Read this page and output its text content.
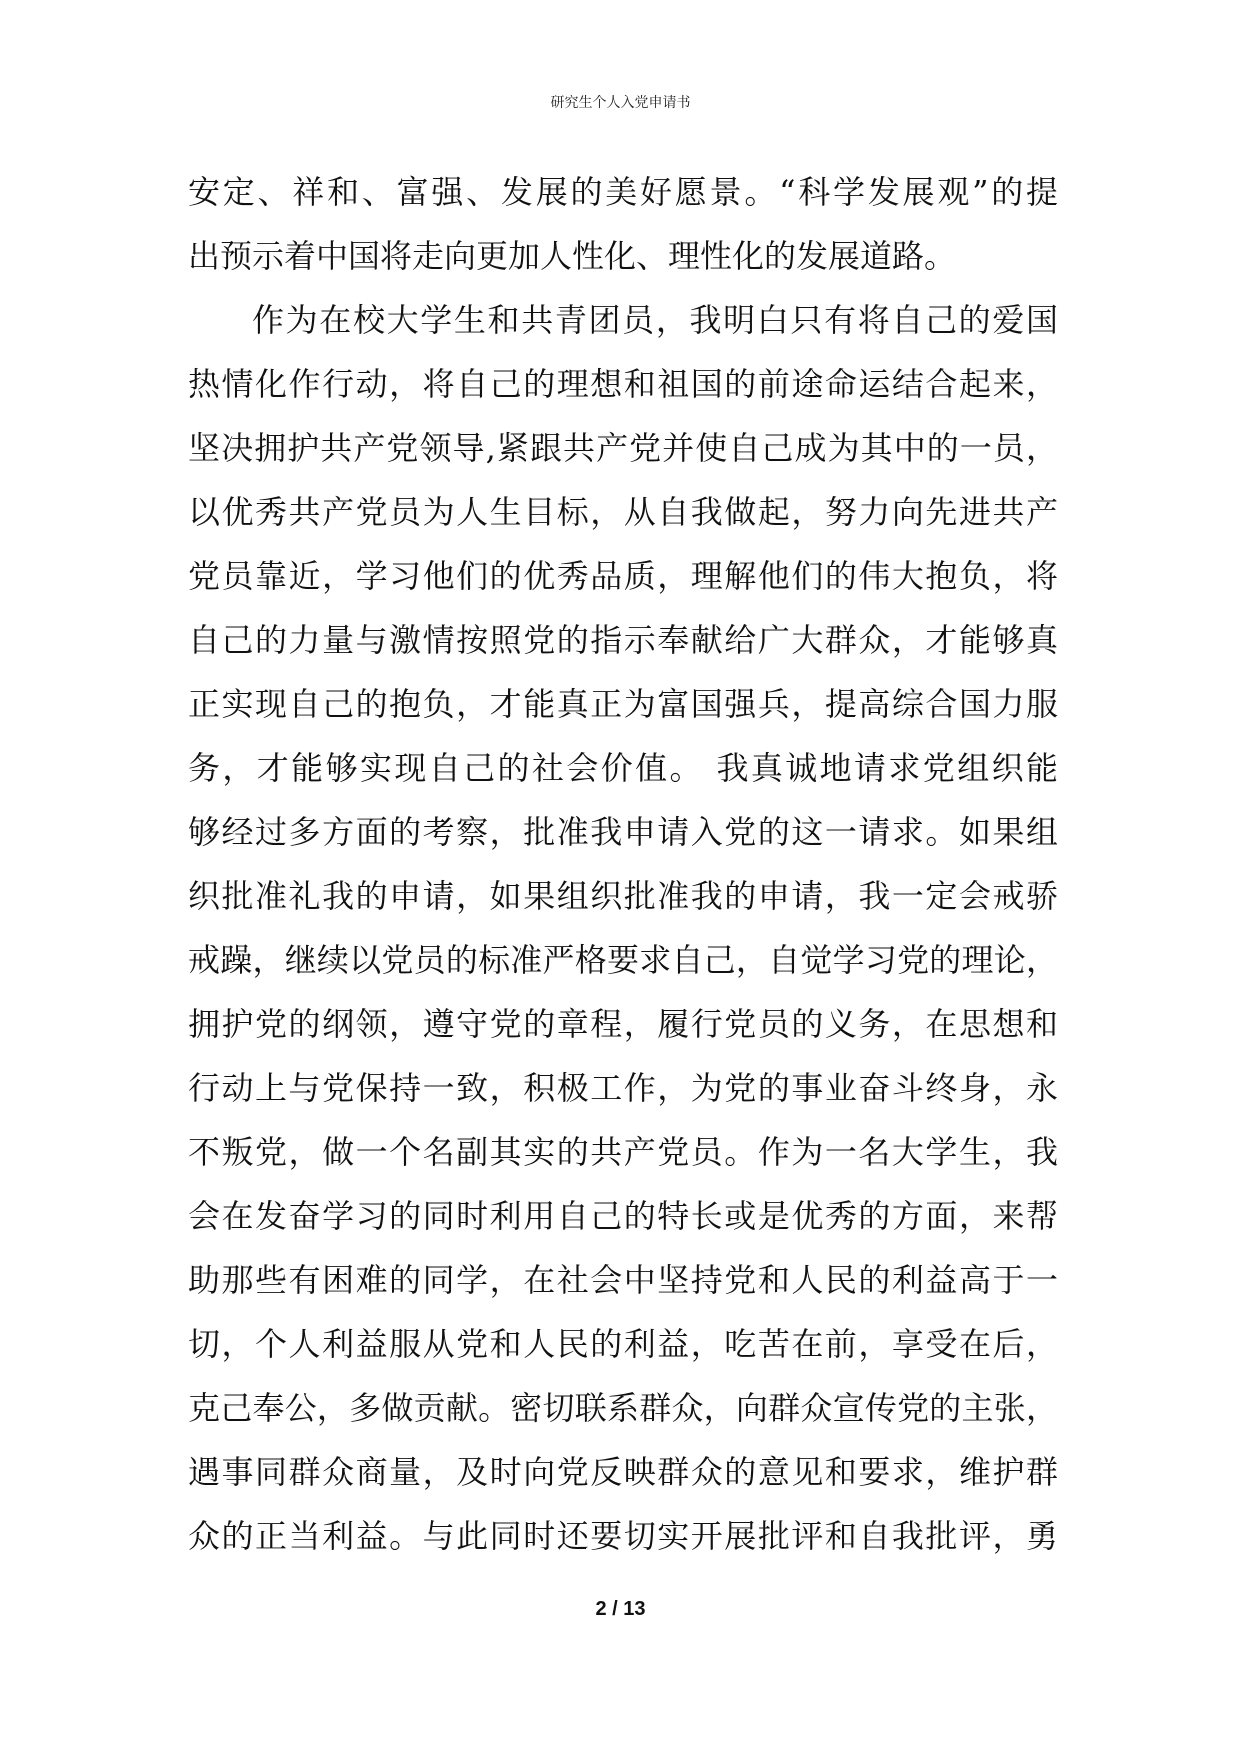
研究生个人入党申请书
安定、祥和、富强、发展的美好愿景。“科学发展观”的提
出预示着中国将走向更加人性化、理性化的发展道路。
作为在校大学生和共青团员，我明白只有将自己的爱国
热情化作行动，将自己的理想和祖国的前途命运结合起来，
坚决拥护共产党领导,紧跟共产党并使自己成为其中的一员，
以优秀共产党员为人生目标，从自我做起，努力向先进共产
党员靠近，学习他们的优秀品质，理解他们的伟大抱负，将
自己的力量与激情按照党的指示奉献给广大群众，才能够真
正实现自己的抱负，才能真正为富国强兵，提高综合国力服
务，才能够实现自己的社会价值。 我真诚地请求党组织能
够经过多方面的考察，批准我申请入党的这一请求。如果组
织批准礼我的申请，如果组织批准我的申请，我一定会戒骄
戒躁，继续以党员的标准严格要求自己，自觉学习党的理论，
拥护党的纲领，遵守党的章程，履行党员的义务，在思想和
行动上与党保持一致，积极工作，为党的事业奋斗终身，永
不叛党，做一个名副其实的共产党员。作为一名大学生，我
会在发奋学习的同时利用自己的特长或是优秀的方面，来帮
助那些有困难的同学，在社会中坚持党和人民的利益高于一
切，个人利益服从党和人民的利益，吃苦在前，享受在后，
克己奉公，多做贡献。密切联系群众，向群众宣传党的主张，
遇事同群众商量，及时向党反映群众的意见和要求，维护群
众的正当利益。与此同时还要切实开展批评和自我批评，勇
2 / 13
